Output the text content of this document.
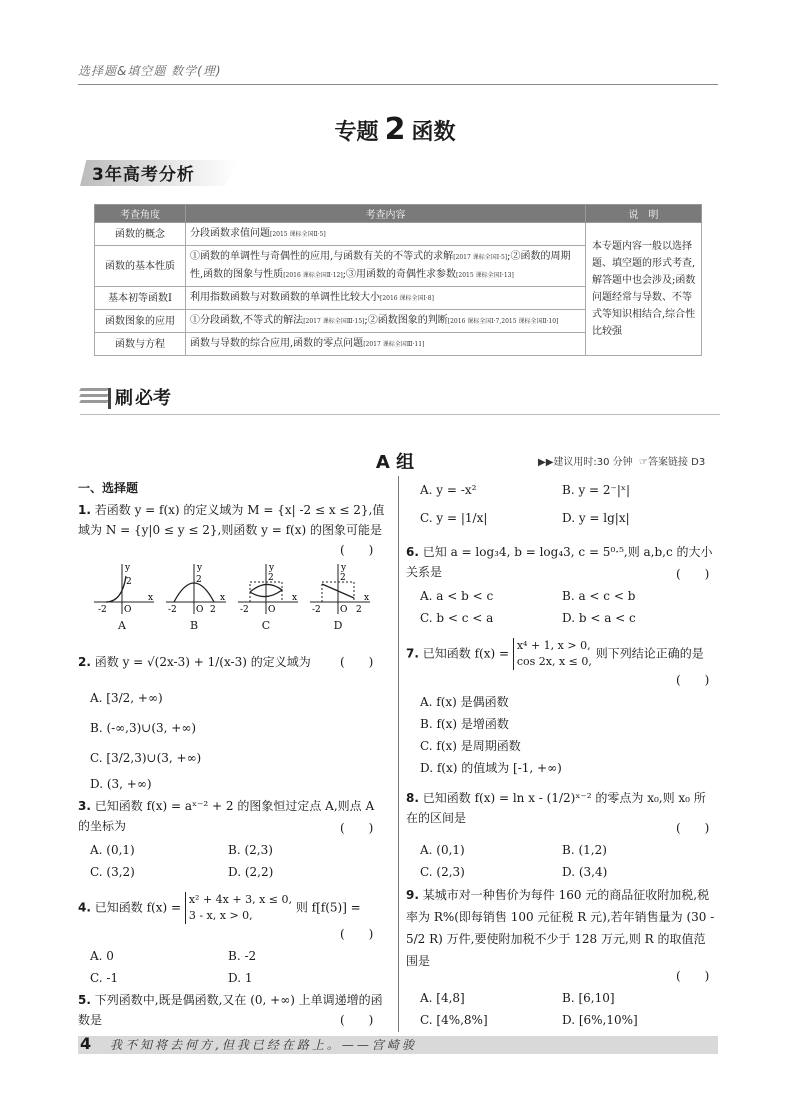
选择题&填空题 数学(理)
专题 2 函数
3年高考分析
考查角度	考查内容	说　明
函数的概念	分段函数求值问题[2015 课标全国Ⅱ·5]	本专题内容一般以选择题、填空题的形式考查,解答题中也会涉及;函数问题经常与导数、不等式等知识相结合,综合性比较强
函数的基本性质	①函数的单调性与奇偶性的应用,与函数有关的不等式的求解[2017 课标全国Ⅰ·5];②函数的周期性,函数的图象与性质[2016 课标全国Ⅱ·12];③用函数的奇偶性求参数[2015 课标全国Ⅰ·13]	
基本初等函数Ⅰ	利用指数函数与对数函数的单调性比较大小[2016 课标全国Ⅰ·8]	
函数图象的应用	①分段函数,不等式的解法[2017 课标全国Ⅲ·15];②函数图象的判断[2016 课标全国Ⅰ·7,2015 课标全国Ⅱ·10]	
函数与方程	函数与导数的综合应用,函数的零点问题[2017 课标全国Ⅲ·11]	
刷 必考
A 组	▶▶建议用时:30 分钟 ☞答案链接 D3
一、选择题
1. 若函数 y = f(x) 的定义域为 M = {x| -2 ≤ x ≤ 2},值域为 N = {y|0 ≤ y ≤ 2},则函数 y = f(x) 的图象可能是
(　　)
2
O
-2
x
y
2
O
-2	2
x
y
2
O
-2
x
y
2
O
-2	2
x
y
A	B	C	D
2. 函数 y = √(2x-3) + 1/(x-3) 的定义域为	(　　)
A. [3/2, +∞)
B. (-∞,3)∪(3, +∞)
C. [3/2,3)∪(3, +∞)
D. (3, +∞)
3. 已知函数 f(x) = aˣ⁻² + 2 的图象恒过定点 A,则点 A 的坐标为	(　　)
A. (0,1)	B. (2,3)
C. (3,2)	D. (2,2)
4. 已知函数 f(x) =
x² + 4x + 3, x ≤ 0,
3 - x, x > 0,
则 f[f(5)] =
(　　)
A. 0	B. -2
C. -1	D. 1
5. 下列函数中,既是偶函数,又在 (0, +∞) 上单调递增的函数是	(　　)
A. y = -x²	B. y = 2⁻|ˣ|
C. y = |1/x|	D. y = lg|x|
6. 已知 a = log₃4, b = log₄3, c = 5⁰·⁵,则 a,b,c 的大小关系是	(　　)
A. a < b < c	B. a < c < b
C. b < c < a	D. b < a < c
7. 已知函数 f(x) =
x⁴ + 1, x > 0,
cos 2x, x ≤ 0,
则下列结论正确的是
(　　)
A. f(x) 是偶函数
B. f(x) 是增函数
C. f(x) 是周期函数
D. f(x) 的值域为 [-1, +∞)
8. 已知函数 f(x) = ln x - (1/2)ˣ⁻² 的零点为 x₀,则 x₀ 所在的区间是
(　　)
A. (0,1)	B. (1,2)
C. (2,3)	D. (3,4)
9. 某城市对一种售价为每件 160 元的商品征收附加税,税率为 R%(即每销售 100 元征税 R 元),若年销售量为 (30 - 5/2 R) 万件,要使附加税不少于 128 万元,则 R 的取值范围是
(　　)
A. [4,8]	B. [6,10]
C. [4%,8%]	D. [6%,10%]
4 我不知将去何方,但我已经在路上。——宫崎骏
